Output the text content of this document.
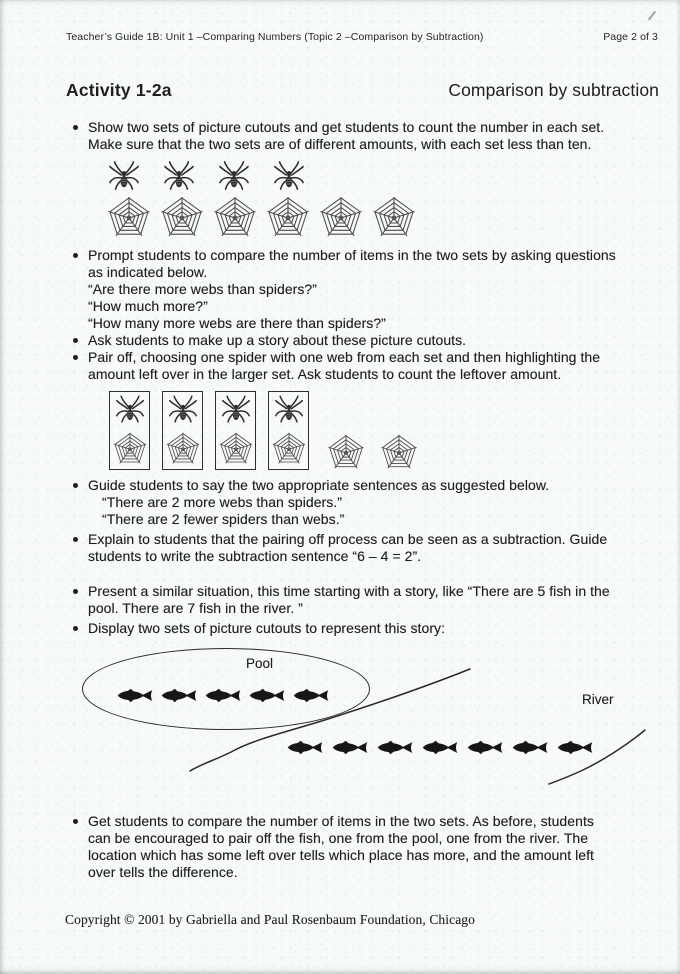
Teacher’s Guide 1B: Unit 1 –Comparing Numbers (Topic 2 –Comparison by Subtraction)	Page 2 of 3
Activity 1-2a	Comparison by subtraction
Show two sets of picture cutouts and get students to count the number in each set.
Make sure that the two sets are of different amounts, with each set less than ten.
Prompt students to compare the number of items in the two sets by asking questions
as indicated below.
“Are there more webs than spiders?”
“How much more?”
“How many more webs are there than spiders?”
Ask students to make up a story about these picture cutouts.
Pair off, choosing one spider with one web from each set and then highlighting the
amount left over in the larger set. Ask students to count the leftover amount.
Guide students to say the two appropriate sentences as suggested below.
“There are 2 more webs than spiders.”
“There are 2 fewer spiders than webs.”
Explain to students that the pairing off process can be seen as a subtraction. Guide
students to write the subtraction sentence “6 – 4 = 2”.
Present a similar situation, this time starting with a story, like “There are 5 fish in the
pool. There are 7 fish in the river. ”
Display two sets of picture cutouts to represent this story:
Pool
River
Get students to compare the number of items in the two sets. As before, students
can be encouraged to pair off the fish, one from the pool, one from the river. The
location which has some left over tells which place has more, and the amount left
over tells the difference.
Copyright © 2001 by Gabriella and Paul Rosenbaum Foundation, Chicago
